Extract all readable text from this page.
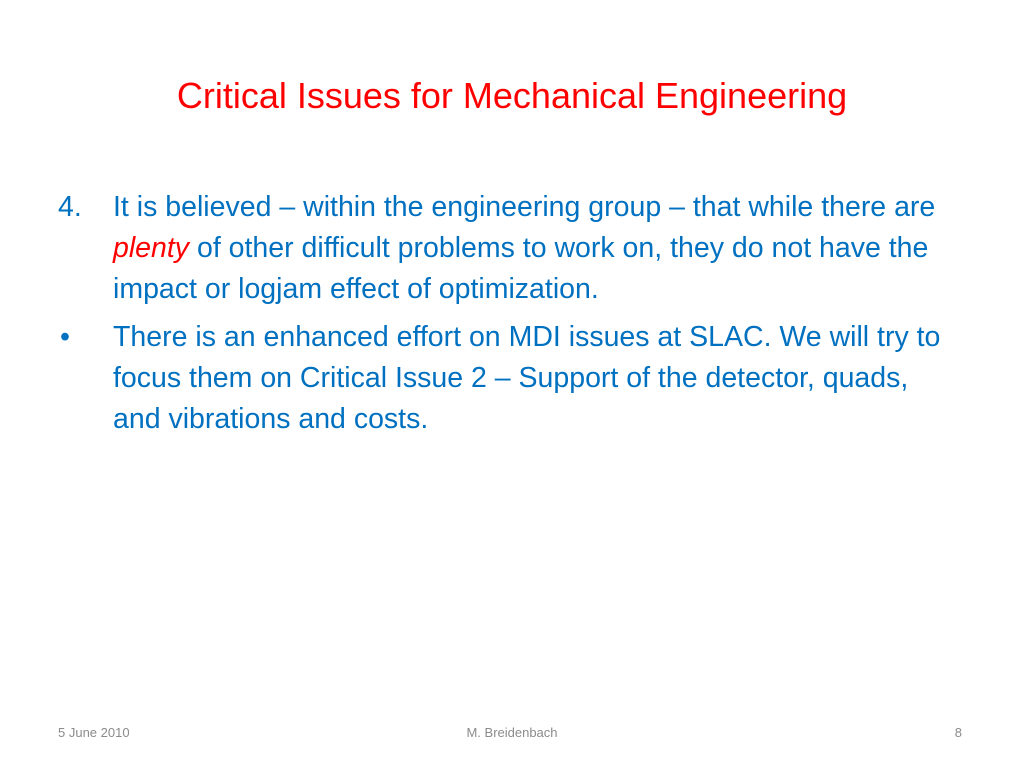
Critical Issues for Mechanical Engineering
4.	It is believed – within the engineering group – that while there are plenty of other difficult problems to work on, they do not have the impact or logjam effect of optimization.
•	There is an enhanced effort on MDI issues at SLAC. We will try to focus them on Critical Issue 2 – Support of the detector, quads, and vibrations and costs.
5 June 2010	M. Breidenbach	8
